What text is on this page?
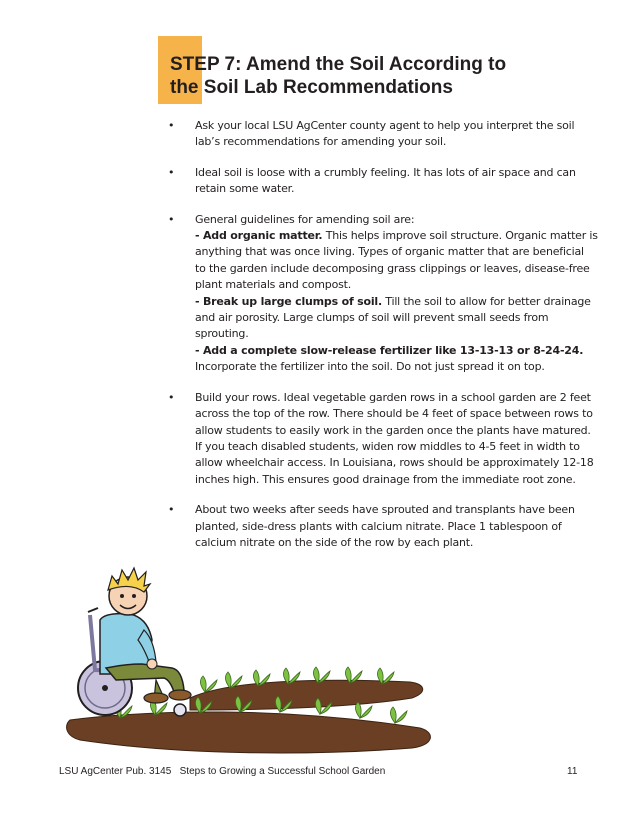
STEP 7: Amend the Soil According to
the Soil Lab Recommendations
•	Ask your local LSU AgCenter county agent to help you interpret the soil
lab’s recommendations for amending your soil.
•	Ideal soil is loose with a crumbly feeling. It has lots of air space and can
retain some water.
•	General guidelines for amending soil are:
- Add organic matter. This helps improve soil structure. Organic matter is
anything that was once living. Types of organic matter that are beneficial
to the garden include decomposing grass clippings or leaves, disease-free
plant materials and compost.
- Break up large clumps of soil. Till the soil to allow for better drainage
and air porosity. Large clumps of soil will prevent small seeds from
sprouting.
- Add a complete slow-release fertilizer like 13-13-13 or 8-24-24.
Incorporate the fertilizer into the soil. Do not just spread it on top.
•	Build your rows. Ideal vegetable garden rows in a school garden are 2 feet
across the top of the row. There should be 4 feet of space between rows to
allow students to easily work in the garden once the plants have matured.
If you teach disabled students, widen row middles to 4-5 feet in width to
allow wheelchair access. In Louisiana, rows should be approximately 12-18
inches high. This ensures good drainage from the immediate root zone.
•	About two weeks after seeds have sprouted and transplants have been
planted, side-dress plants with calcium nitrate. Place 1 tablespoon of
calcium nitrate on the side of the row by each plant.
LSU AgCenter Pub. 3145   Steps to Growing a Successful School Garden	11
